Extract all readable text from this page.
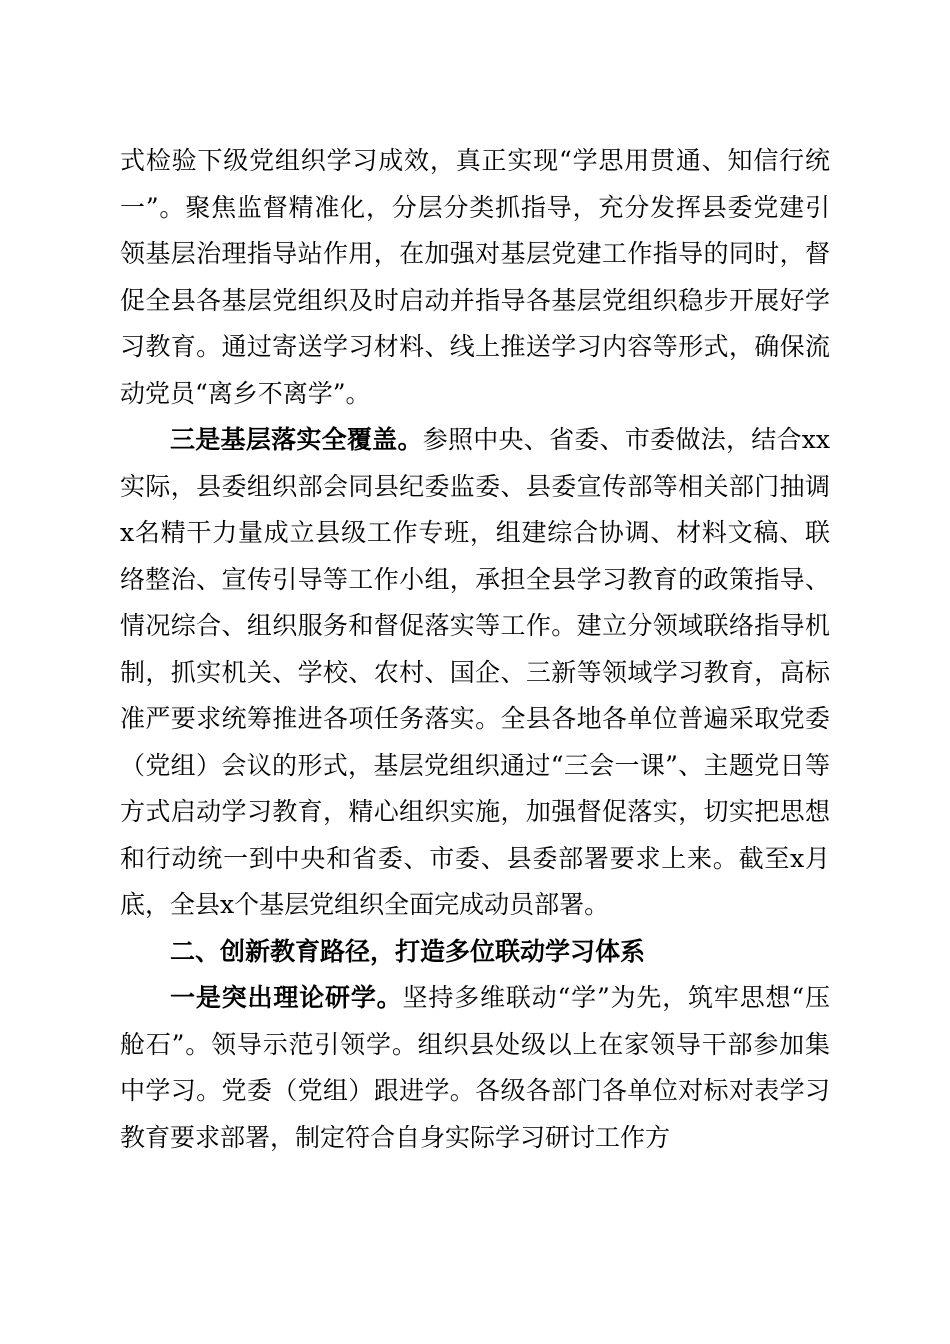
式检验下级党组织学习成效，真正实现“学思用贯通、知信行统一”。聚焦监督精准化，分层分类抓指导，充分发挥县委党建引领基层治理指导站作用，在加强对基层党建工作指导的同时，督促全县各基层党组织及时启动并指导各基层党组织稳步开展好学习教育。通过寄送学习材料、线上推送学习内容等形式，确保流动党员“离乡不离学”。

三是基层落实全覆盖。参照中央、省委、市委做法，结合xx实际，县委组织部会同县纪委监委、县委宣传部等相关部门抽调x名精干力量成立县级工作专班，组建综合协调、材料文稿、联络整治、宣传引导等工作小组，承担全县学习教育的政策指导、情况综合、组织服务和督促落实等工作。建立分领域联络指导机制，抓实机关、学校、农村、国企、三新等领域学习教育，高标准严要求统筹推进各项任务落实。全县各地各单位普遍采取党委（党组）会议的形式，基层党组织通过“三会一课”、主题党日等方式启动学习教育，精心组织实施，加强督促落实，切实把思想和行动统一到中央和省委、市委、县委部署要求上来。截至x月底，全县x个基层党组织全面完成动员部署。

二、创新教育路径，打造多位联动学习体系

一是突出理论研学。坚持多维联动“学”为先，筑牢思想“压舱石”。领导示范引领学。组织县处级以上在家领导干部参加集中学习。党委（党组）跟进学。各级各部门各单位对标对表学习教育要求部署，制定符合自身实际学习研讨工作方
